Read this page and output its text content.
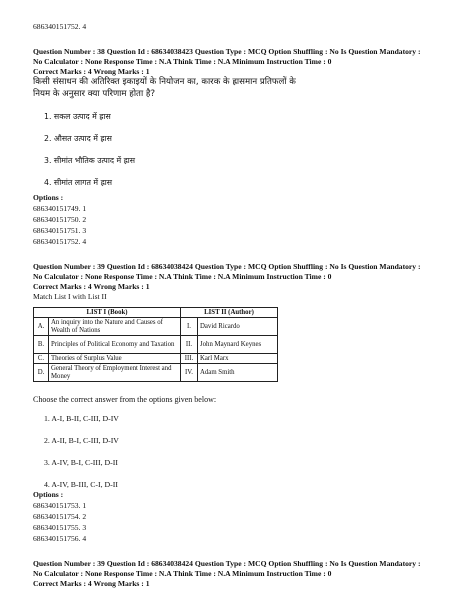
686340151752. 4
Question Number : 38 Question Id : 68634038423 Question Type : MCQ Option Shuffling : No Is Question Mandatory :
No Calculator : None Response Time : N.A Think Time : N.A Minimum Instruction Time : 0
Correct Marks : 4 Wrong Marks : 1
किसी संसाधन की अतिरिक्त इकाइयों के नियोजन का, कारक के ह्रासमान प्रतिफलों के
नियम के अनुसार क्या परिणाम होता है?
1. सकल उत्पाद में ह्रास
2. औसत उत्पाद में ह्रास
3. सीमांत भौतिक उत्पाद में ह्रास
4. सीमांत लागत में ह्रास
Options :
686340151749. 1
686340151750. 2
686340151751. 3
686340151752. 4
Question Number : 39 Question Id : 68634038424 Question Type : MCQ Option Shuffling : No Is Question Mandatory :
No Calculator : None Response Time : N.A Think Time : N.A Minimum Instruction Time : 0
Correct Marks : 4 Wrong Marks : 1
Match List I with List II
LIST I (Book)		LIST II (Author)	
A.	An inquiry into the Nature and Causes of Wealth of Nations	I.	David Ricardo
B.	Principles of Political Economy and Taxation	II.	John Maynard Keynes
C.	Theories of Surplus Value	III.	Karl Marx
D.	General Theory of Employment Interest and Money	IV.	Adam Smith
Choose the correct answer from the options given below:
1. A-I, B-II, C-III, D-IV
2. A-II, B-I, C-III, D-IV
3. A-IV, B-I, C-III, D-II
4. A-IV, B-III, C-I, D-II
Options :
686340151753. 1
686340151754. 2
686340151755. 3
686340151756. 4
Question Number : 39 Question Id : 68634038424 Question Type : MCQ Option Shuffling : No Is Question Mandatory :
No Calculator : None Response Time : N.A Think Time : N.A Minimum Instruction Time : 0
Correct Marks : 4 Wrong Marks : 1
